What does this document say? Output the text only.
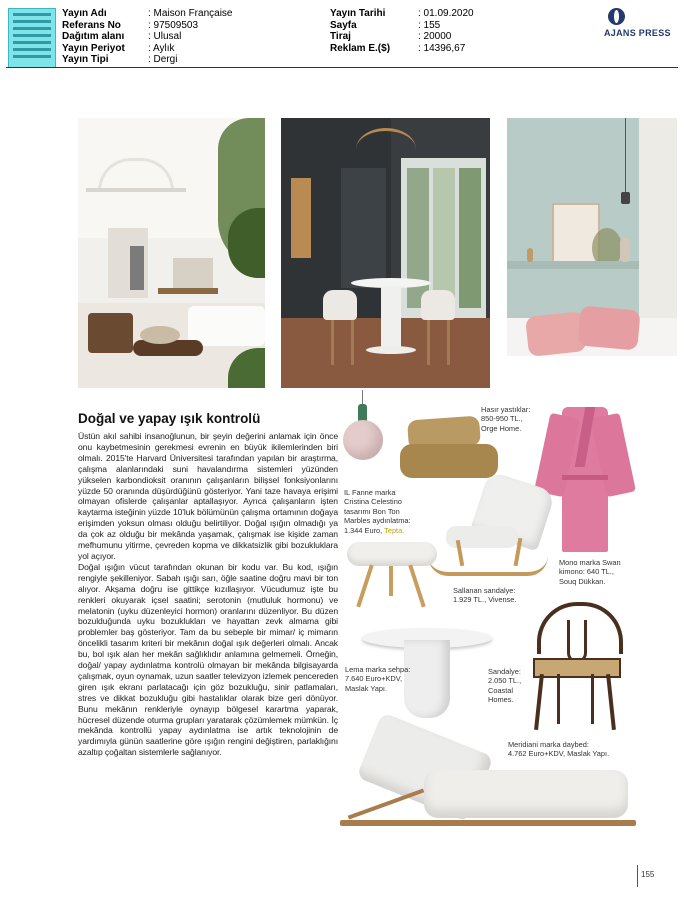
Yayın Adı	: Maison Française
Referans No	: 97509503
Dağıtım alanı	: Ulusal
Yayın Periyot	: Aylık
Yayın Tipi	: Dergi
Yayın Tarihi	: 01.09.2020
Sayfa	: 155
Tiraj	: 20000
Reklam E.($)	: 14396,67
AJANS PRESS
Doğal ve yapay ışık kontrolü

Üstün akıl sahibi insanoğlunun, bir şeyin değerini anlamak için önce onu kaybetmesinin gerekmesi evrenin en büyük ikilemlerinden biri olmalı. 2015'te Harvard Üniversitesi tarafından yapılan bir araştırma, çalışma alanlarındaki suni havalandırma sistemleri yüzünden yükselen karbondioksit oranının çalışanların bilişsel fonksiyonlarını yüzde 50 oranında düşürdüğünü gösteriyor. Yani taze havaya erişimi olmayan ofislerde çalışanlar aptallaşıyor. Ayrıca çalışanların işten kaytarma isteğinin yüzde 10'luk bölümünün çalışma ortamının doğaya erişimden yoksun olması olduğu belirtiliyor. Doğal ışığın olmadığı ya da çok az olduğu bir mekânda yaşamak, çalışmak ise kişide zaman mefhumunu yitirme, çevreden kopma ve dikkatsizlik gibi bozukluklara yol açıyor.

Doğal ışığın vücut tarafından okunan bir kodu var. Bu kod, ışığın rengiyle şekilleniyor. Sabah ışığı sarı, öğle saatine doğru mavi bir ton alıyor. Akşama doğru ise gittikçe kızıllaşıyor. Vücudumuz işte bu renkleri okuyarak içsel saatini; serotonin (mutluluk hormonu) ve melatonin (uyku düzenleyici hormon) oranlarını düzenliyor. Bu düzen bozulduğunda uyku bozuklukları ve hayattan zevk almama gibi problemler baş gösteriyor. Tam da bu sebeple bir mimar/ iç mimarın öncelikli tasarım kriteri bir mekânın doğal ışık değerleri olmalı. Ancak bu, bol ışık alan her mekân sağlıklıdır anlamına gelmemeli. Örneğin, doğal/ yapay aydınlatma kontrolü olmayan bir mekânda bilgisayarda çalışmak, oyun oynamak, uzun saatler televizyon izlemek pencereden giren ışık ekranı parlatacağı için göz bozukluğu, sinir patlamaları, stres ve dikkat bozukluğu gibi hastalıklar olarak bize geri dönüyor. Bunu mekânın renkleriyle oynayıp bölgesel karartma yaparak, hücresel düzende oturma grupları yaratarak çözümlemek mümkün. İç mekânda kontrollü yapay aydınlatma ise artık teknolojinin de yardımıyla günün saatlerine göre ışığın rengini değiştiren, parlaklığını azaltıp çoğaltan sistemlerle sağlanıyor.

IL Fanne marka
Cristina Celestino
tasarımı Bon Ton
Marbles aydınlatma:
1.344 Euro, Tepta.
Hasır yastıklar:
850-950 TL.,
Orge Home.
Mono marka Swan
kimono: 640 TL.,
Souq Dükkan.
Sallanan sandalye:
1.929 TL., Vivense.
Lema marka sehpa:
7.640 Euro+KDV,
Maslak Yapı.
Sandalye:
2.050 TL.,
Coastal
Homes.
Meridiani marka daybed:
4.762 Euro+KDV, Maslak Yapı.
155
